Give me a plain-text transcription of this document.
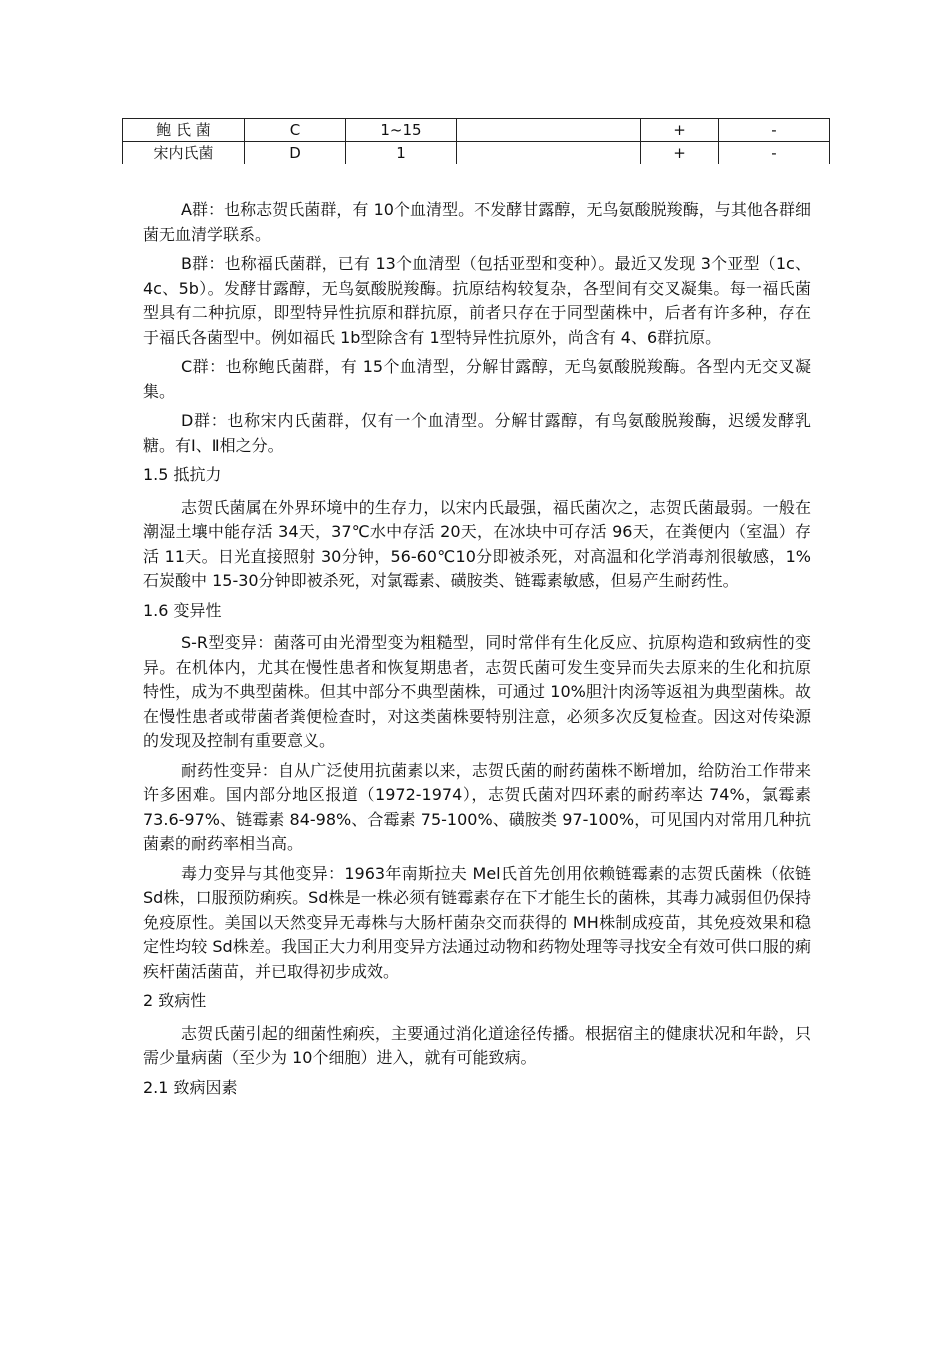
鲍 氏 菌	C	1~15		+	-
宋内氏菌	D	1		+	-

A群：也称志贺氏菌群，有 10个血清型。不发酵甘露醇，无鸟氨酸脱羧酶，与其他各群细菌无血清学联系。

B群：也称福氏菌群，已有 13个血清型（包括亚型和变种）。最近又发现 3个亚型（1c、4c、5b）。发酵甘露醇，无鸟氨酸脱羧酶。抗原结构较复杂，各型间有交叉凝集。每一福氏菌型具有二种抗原，即型特异性抗原和群抗原，前者只存在于同型菌株中，后者有许多种，存在于福氏各菌型中。例如福氏 1b型除含有 1型特异性抗原外，尚含有 4、6群抗原。

C群：也称鲍氏菌群，有 15个血清型，分解甘露醇，无鸟氨酸脱羧酶。各型内无交叉凝集。

D群：也称宋内氏菌群，仅有一个血清型。分解甘露醇，有鸟氨酸脱羧酶，迟缓发酵乳糖。有Ⅰ、Ⅱ相之分。

1.5 抵抗力

志贺氏菌属在外界环境中的生存力，以宋内氏最强，福氏菌次之，志贺氏菌最弱。一般在潮湿土壤中能存活 34天，37℃水中存活 20天，在冰块中可存活 96天，在粪便内（室温）存活 11天。日光直接照射 30分钟，56-60℃10分即被杀死，对高温和化学消毒剂很敏感，1%石炭酸中 15-30分钟即被杀死，对氯霉素、磺胺类、链霉素敏感，但易产生耐药性。

1.6 变异性

S-R型变异：菌落可由光滑型变为粗糙型，同时常伴有生化反应、抗原构造和致病性的变异。在机体内，尤其在慢性患者和恢复期患者，志贺氏菌可发生变异而失去原来的生化和抗原特性，成为不典型菌株。但其中部分不典型菌株，可通过 10%胆汁肉汤等返祖为典型菌株。故在慢性患者或带菌者粪便检查时，对这类菌株要特别注意，必须多次反复检查。因这对传染源的发现及控制有重要意义。

耐药性变异：自从广泛使用抗菌素以来，志贺氏菌的耐药菌株不断增加，给防治工作带来许多困难。国内部分地区报道（1972-1974），志贺氏菌对四环素的耐药率达 74%，氯霉素 73.6-97%、链霉素 84-98%、合霉素 75-100%、磺胺类 97-100%，可见国内对常用几种抗菌素的耐药率相当高。

毒力变异与其他变异：1963年南斯拉夫 Mel氏首先创用依赖链霉素的志贺氏菌株（依链 Sd株，口服预防痢疾。Sd株是一株必须有链霉素存在下才能生长的菌株，其毒力减弱但仍保持免疫原性。美国以天然变异无毒株与大肠杆菌杂交而获得的 MH株制成疫苗，其免疫效果和稳定性均较 Sd株差。我国正大力利用变异方法通过动物和药物处理等寻找安全有效可供口服的痢疾杆菌活菌苗，并已取得初步成效。

2 致病性

志贺氏菌引起的细菌性痢疾，主要通过消化道途径传播。根据宿主的健康状况和年龄，只需少量病菌（至少为 10个细胞）进入，就有可能致病。

2.1 致病因素
